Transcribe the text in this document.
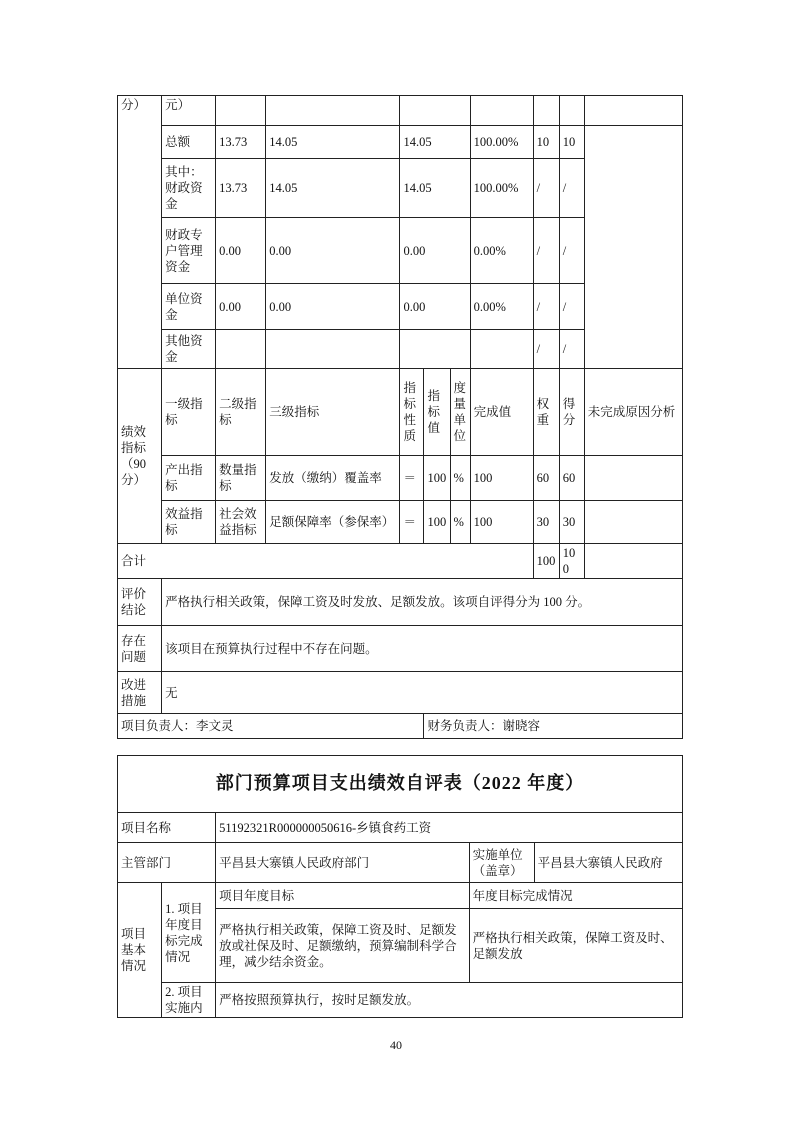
分）	元）									
	总额	13.73	14.05	14.05			100.00%	10	10	
	其中：财政资金	13.73	14.05	14.05			100.00%	/	/	
	财政专户管理资金	0.00	0.00	0.00			0.00%	/	/	
	单位资金	0.00	0.00	0.00			0.00%	/	/	
	其他资金							/	/	
绩效指标（90分）	一级指标	二级指标	三级指标	指标性质	指标值	度量单位	完成值	权重	得分	未完成原因分析
	产出指标	数量指标	发放（缴纳）覆盖率	＝	100	%	100	60	60	
	效益指标	社会效益指标	足额保障率（参保率）	＝	100	%	100	30	30	
合计								100	100	
评价结论	严格执行相关政策，保障工资及时发放、足额发放。该项自评得分为 100 分。									
存在问题	该项目在预算执行过程中不存在问题。									
改进措施	无									
项目负责人：李文灵					财务负责人：谢晓容					
部门预算项目支出绩效自评表（2022 年度）				
项目名称		51192321R000000050616-乡镇食药工资		
主管部门		平昌县大寨镇人民政府部门	实施单位（盖章）	平昌县大寨镇人民政府
项目基本情况	1. 项目年度目标完成情况	项目年度目标	年度目标完成情况	
		严格执行相关政策，保障工资及时、足额发放或社保及时、足额缴纳，预算编制科学合理，减少结余资金。	严格执行相关政策，保障工资及时、足额发放	
	2. 项目实施内	严格按照预算执行，按时足额发放。		
40
